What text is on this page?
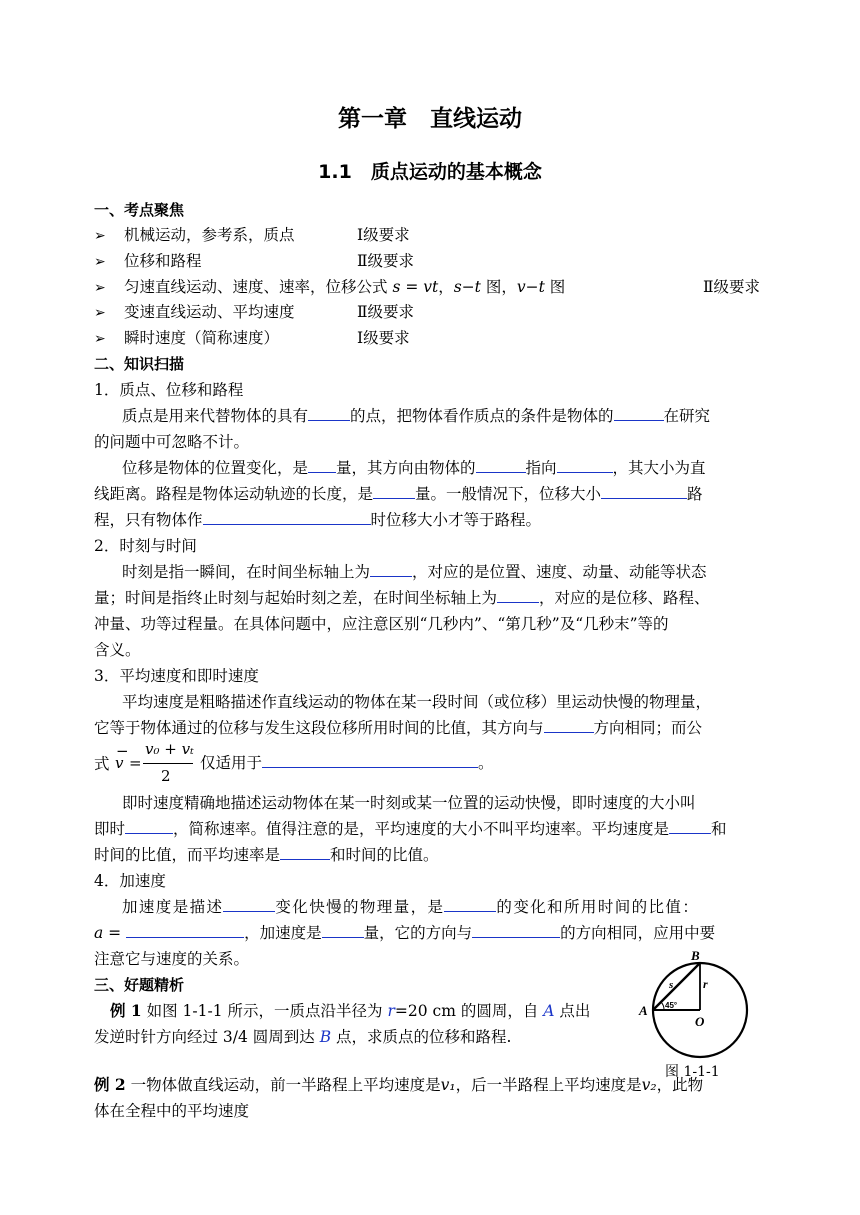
第一章　直线运动
1.1　质点运动的基本概念
一、考点聚焦
➢ 机械运动，参考系，质点	Ⅰ级要求
➢ 位移和路程	Ⅱ级要求
➢ 匀速直线运动、速度、速率，位移公式 s = vt，s−t 图，v−t 图	Ⅱ级要求
➢ 变速直线运动、平均速度	Ⅱ级要求
➢ 瞬时速度（简称速度）	Ⅰ级要求
二、知识扫描
1．质点、位移和路程
质点是用来代替物体的具有	的点，把物体看作质点的条件是物体的	在研究
的问题中可忽略不计。
位移是物体的位置变化，是 量，其方向由物体的	指向	，其大小为直
线距离。路程是物体运动轨迹的长度，是	量。一般情况下，位移大小	路
程，只有物体作	时位移大小才等于路程。
2．时刻与时间
时刻是指一瞬间，在时间坐标轴上为	，对应的是位置、速度、动量、动能等状态
量；时间是指终止时刻与起始时刻之差，在时间坐标轴上为	，对应的是位移、路程、
冲量、功等过程量。在具体问题中，应注意区别“几秒内”、“第几秒”及“几秒末”等的
含义。
3．平均速度和即时速度
平均速度是粗略描述作直线运动的物体在某一段时间（或位移）里运动快慢的物理量，
它等于物体通过的位移与发生这段位移所用时间的比值，其方向与	方向相同；而公
式
−
v =
v₀ + vₜ
2
仅适用于	。
即时速度精确地描述运动物体在某一时刻或某一位置的运动快慢，即时速度的大小叫
即时	，简称速率。值得注意的是，平均速度的大小不叫平均速率。平均速度是	和
时间的比值，而平均速率是	和时间的比值。
4．加速度
加速度是描述	变化快慢的物理量，是	的变化和所用时间的比值：
a =	，加速度是	量，它的方向与	的方向相同，应用中要
注意它与速度的关系。
三、好题精析
例 1 如图 1-1-1 所示，一质点沿半径为 r=20 cm 的圆周，自 A 点出
发逆时针方向经过 3/4 圆周到达 B 点，求质点的位移和路程.
B
A
O
r
s
45°
图 1-1-1
例 2 一物体做直线运动，前一半路程上平均速度是v₁，后一半路程上平均速度是v₂，此物
体在全程中的平均速度
